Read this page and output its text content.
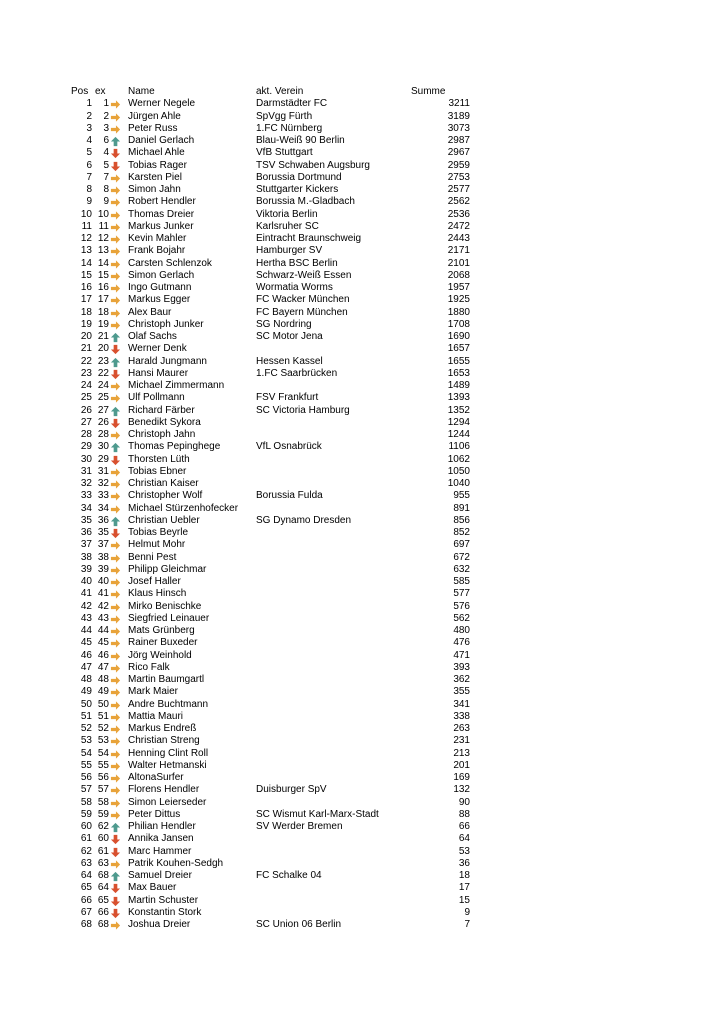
Pos ex Name	akt. Verein	Summe
1	1 Werner Negele	Darmstädter FC	3211
2	2 Jürgen Ahle	SpVgg Fürth	3189
3	3 Peter Russ	1.FC Nürnberg	3073
4	6 Daniel Gerlach	Blau-Weiß 90 Berlin	2987
5	4 Michael Ahle	VfB Stuttgart	2967
6	5 Tobias Rager	TSV Schwaben Augsburg	2959
7	7 Karsten Piel	Borussia Dortmund	2753
8	8 Simon Jahn	Stuttgarter Kickers	2577
9	9 Robert Hendler	Borussia M.-Gladbach	2562
10 10 Thomas Dreier	Viktoria Berlin	2536
11 11 Markus Junker	Karlsruher SC	2472
12 12 Kevin Mahler	Eintracht Braunschweig	2443
13 13 Frank Bojahr	Hamburger SV	2171
14 14 Carsten Schlenzok	Hertha BSC Berlin	2101
15 15 Simon Gerlach	Schwarz-Weiß Essen	2068
16 16 Ingo Gutmann	Wormatia Worms	1957
17 17 Markus Egger	FC Wacker München	1925
18 18 Alex Baur	FC Bayern München	1880
19 19 Christoph Junker	SG Nordring	1708
20 21 Olaf Sachs	SC Motor Jena	1690
21 20 Werner Denk	1657
22 23 Harald Jungmann	Hessen Kassel	1655
23 22 Hansi Maurer	1.FC Saarbrücken	1653
24 24 Michael Zimmermann	1489
25 25 Ulf Pollmann	FSV Frankfurt	1393
26 27 Richard Färber	SC Victoria Hamburg	1352
27 26 Benedikt Sykora	1294
28 28 Christoph Jahn	1244
29 30 Thomas Pepinghege	VfL Osnabrück	1106
30 29 Thorsten Lüth	1062
31 31 Tobias Ebner	1050
32 32 Christian Kaiser	1040
33 33 Christopher Wolf	Borussia Fulda	955
34 34 Michael Stürzenhofecker	891
35 36 Christian Uebler	SG Dynamo Dresden	856
36 35 Tobias Beyrle	852
37 37 Helmut Mohr	697
38 38 Benni Pest	672
39 39 Philipp Gleichmar	632
40 40 Josef Haller	585
41 41 Klaus Hinsch	577
42 42 Mirko Benischke	576
43 43 Siegfried Leinauer	562
44 44 Mats Grünberg	480
45 45 Rainer Buxeder	476
46 46 Jörg Weinhold	471
47 47 Rico Falk	393
48 48 Martin Baumgartl	362
49 49 Mark Maier	355
50 50 Andre Buchtmann	341
51 51 Mattia Mauri	338
52 52 Markus Endreß	263
53 53 Christian Streng	231
54 54 Henning Clint Roll	213
55 55 Walter Hetmanski	201
56 56 AltonaSurfer	169
57 57 Florens Hendler	Duisburger SpV	132
58 58 Simon Leierseder	90
59 59 Peter Dittus	SC Wismut Karl-Marx-Stadt	88
60 62 Philian Hendler	SV Werder Bremen	66
61 60 Annika Jansen	64
62 61 Marc Hammer	53
63 63 Patrik Kouhen-Sedgh	36
64 68 Samuel Dreier	FC Schalke 04	18
65 64 Max Bauer	17
66 65 Martin Schuster	15
67 66 Konstantin Stork	9
68 68 Joshua Dreier	SC Union 06 Berlin	7
